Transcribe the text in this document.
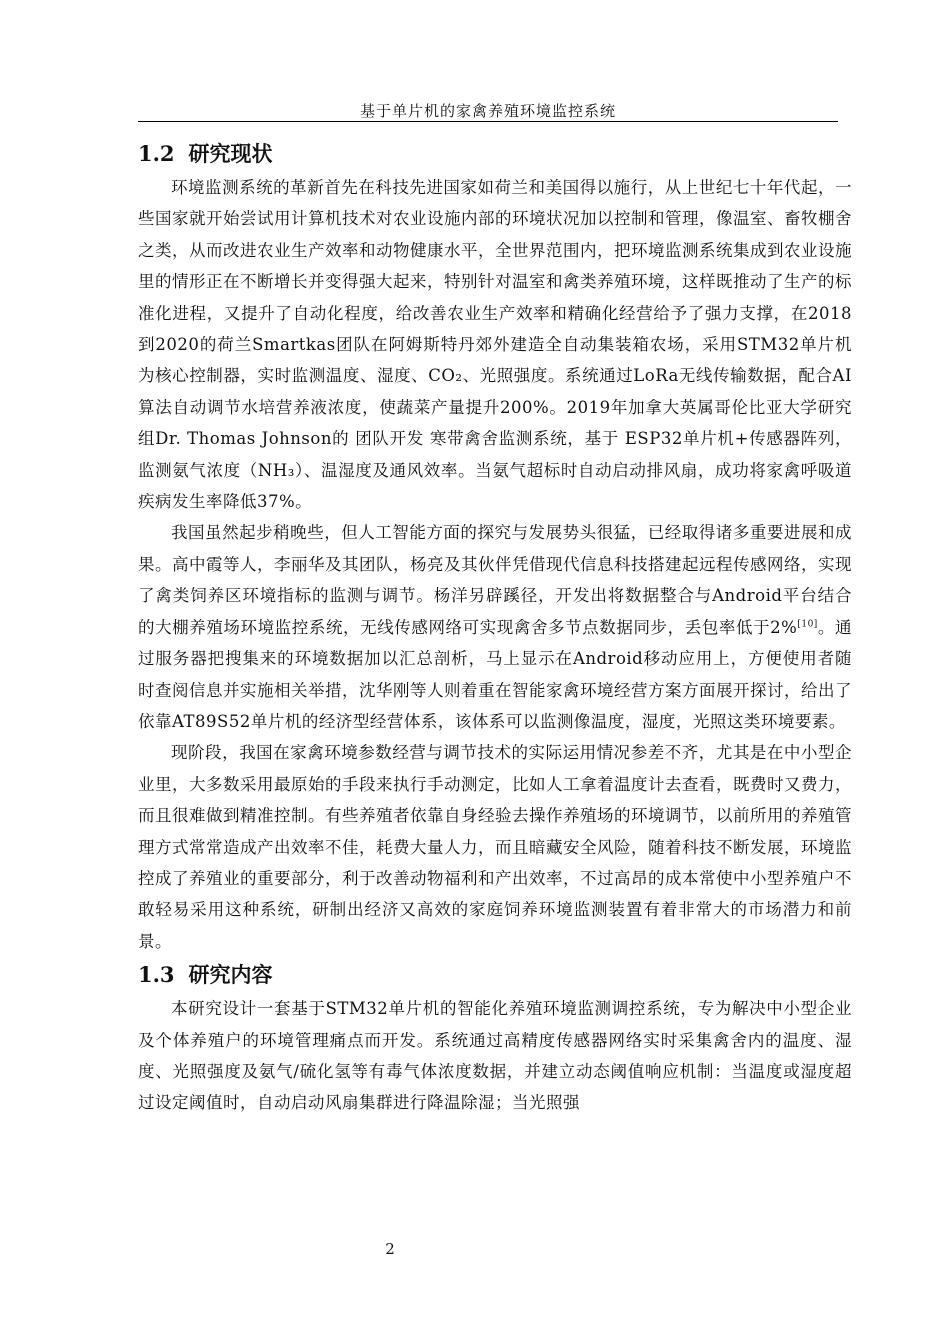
基于单片机的家禽养殖环境监控系统
1.2 研究现状

环境监测系统的革新首先在科技先进国家如荷兰和美国得以施行，从上世纪七十年代起，一些国家就开始尝试用计算机技术对农业设施内部的环境状况加以控制和管理，像温室、畜牧棚舍之类，从而改进农业生产效率和动物健康水平，全世界范围内，把环境监测系统集成到农业设施里的情形正在不断增长并变得强大起来，特别针对温室和禽类养殖环境，这样既推动了生产的标准化进程，又提升了自动化程度，给改善农业生产效率和精确化经营给予了强力支撑，在2018到2020的荷兰Smartkas团队在阿姆斯特丹郊外建造全自动集装箱农场，采用STM32单片机为核心控制器，实时监测温度、湿度、CO₂、光照强度。系统通过LoRa无线传输数据，配合AI算法自动调节水培营养液浓度，使蔬菜产量提升200%。2019年加拿大英属哥伦比亚大学研究组Dr. Thomas Johnson的 团队开发 寒带禽舍监测系统，基于 ESP32单片机+传感器阵列，监测氨气浓度（NH₃）、温湿度及通风效率。当氨气超标时自动启动排风扇，成功将家禽呼吸道疾病发生率降低37%。

我国虽然起步稍晚些，但人工智能方面的探究与发展势头很猛，已经取得诸多重要进展和成果。高中霞等人，李丽华及其团队，杨亮及其伙伴凭借现代信息科技搭建起远程传感网络，实现了禽类饲养区环境指标的监测与调节。杨洋另辟蹊径，开发出将数据整合与Android平台结合的大棚养殖场环境监控系统，无线传感网络可实现禽舍多节点数据同步，丢包率低于2%[10]。通过服务器把搜集来的环境数据加以汇总剖析，马上显示在Android移动应用上，方便使用者随时查阅信息并实施相关举措，沈华刚等人则着重在智能家禽环境经营方案方面展开探讨，给出了依靠AT89S52单片机的经济型经营体系，该体系可以监测像温度，湿度，光照这类环境要素。

现阶段，我国在家禽环境参数经营与调节技术的实际运用情况参差不齐，尤其是在中小型企业里，大多数采用最原始的手段来执行手动测定，比如人工拿着温度计去查看，既费时又费力，而且很难做到精准控制。有些养殖者依靠自身经验去操作养殖场的环境调节，以前所用的养殖管理方式常常造成产出效率不佳，耗费大量人力，而且暗藏安全风险，随着科技不断发展，环境监控成了养殖业的重要部分，利于改善动物福利和产出效率，不过高昂的成本常使中小型养殖户不敢轻易采用这种系统，研制出经济又高效的家庭饲养环境监测装置有着非常大的市场潜力和前景。

1.3 研究内容

本研究设计一套基于STM32单片机的智能化养殖环境监测调控系统，专为解决中小型企业及个体养殖户的环境管理痛点而开发。系统通过高精度传感器网络实时采集禽舍内的温度、湿度、光照强度及氨气/硫化氢等有毒气体浓度数据，并建立动态阈值响应机制：当温度或湿度超过设定阈值时，自动启动风扇集群进行降温除湿；当光照强

2
